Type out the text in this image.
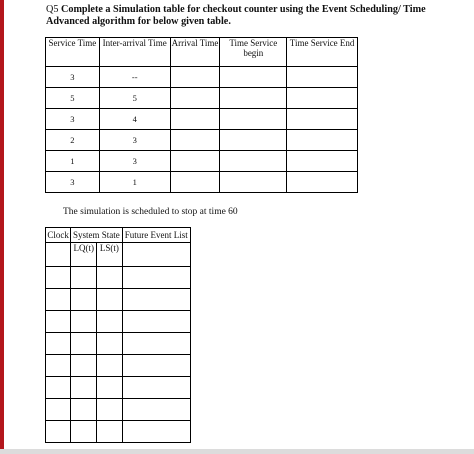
Q5 Complete a Simulation table for checkout counter using the Event Scheduling/ Time Advanced algorithm for below given table.
Service Time	Inter-arrival Time	Arrival Time	Time Service begin	Time Service End
3	--			
5	5			
3	4			
2	3			
1	3			
3	1			
The simulation is scheduled to stop at time 60
Clock	System State		Future Event List
	LQ(t)	LS(t)	
